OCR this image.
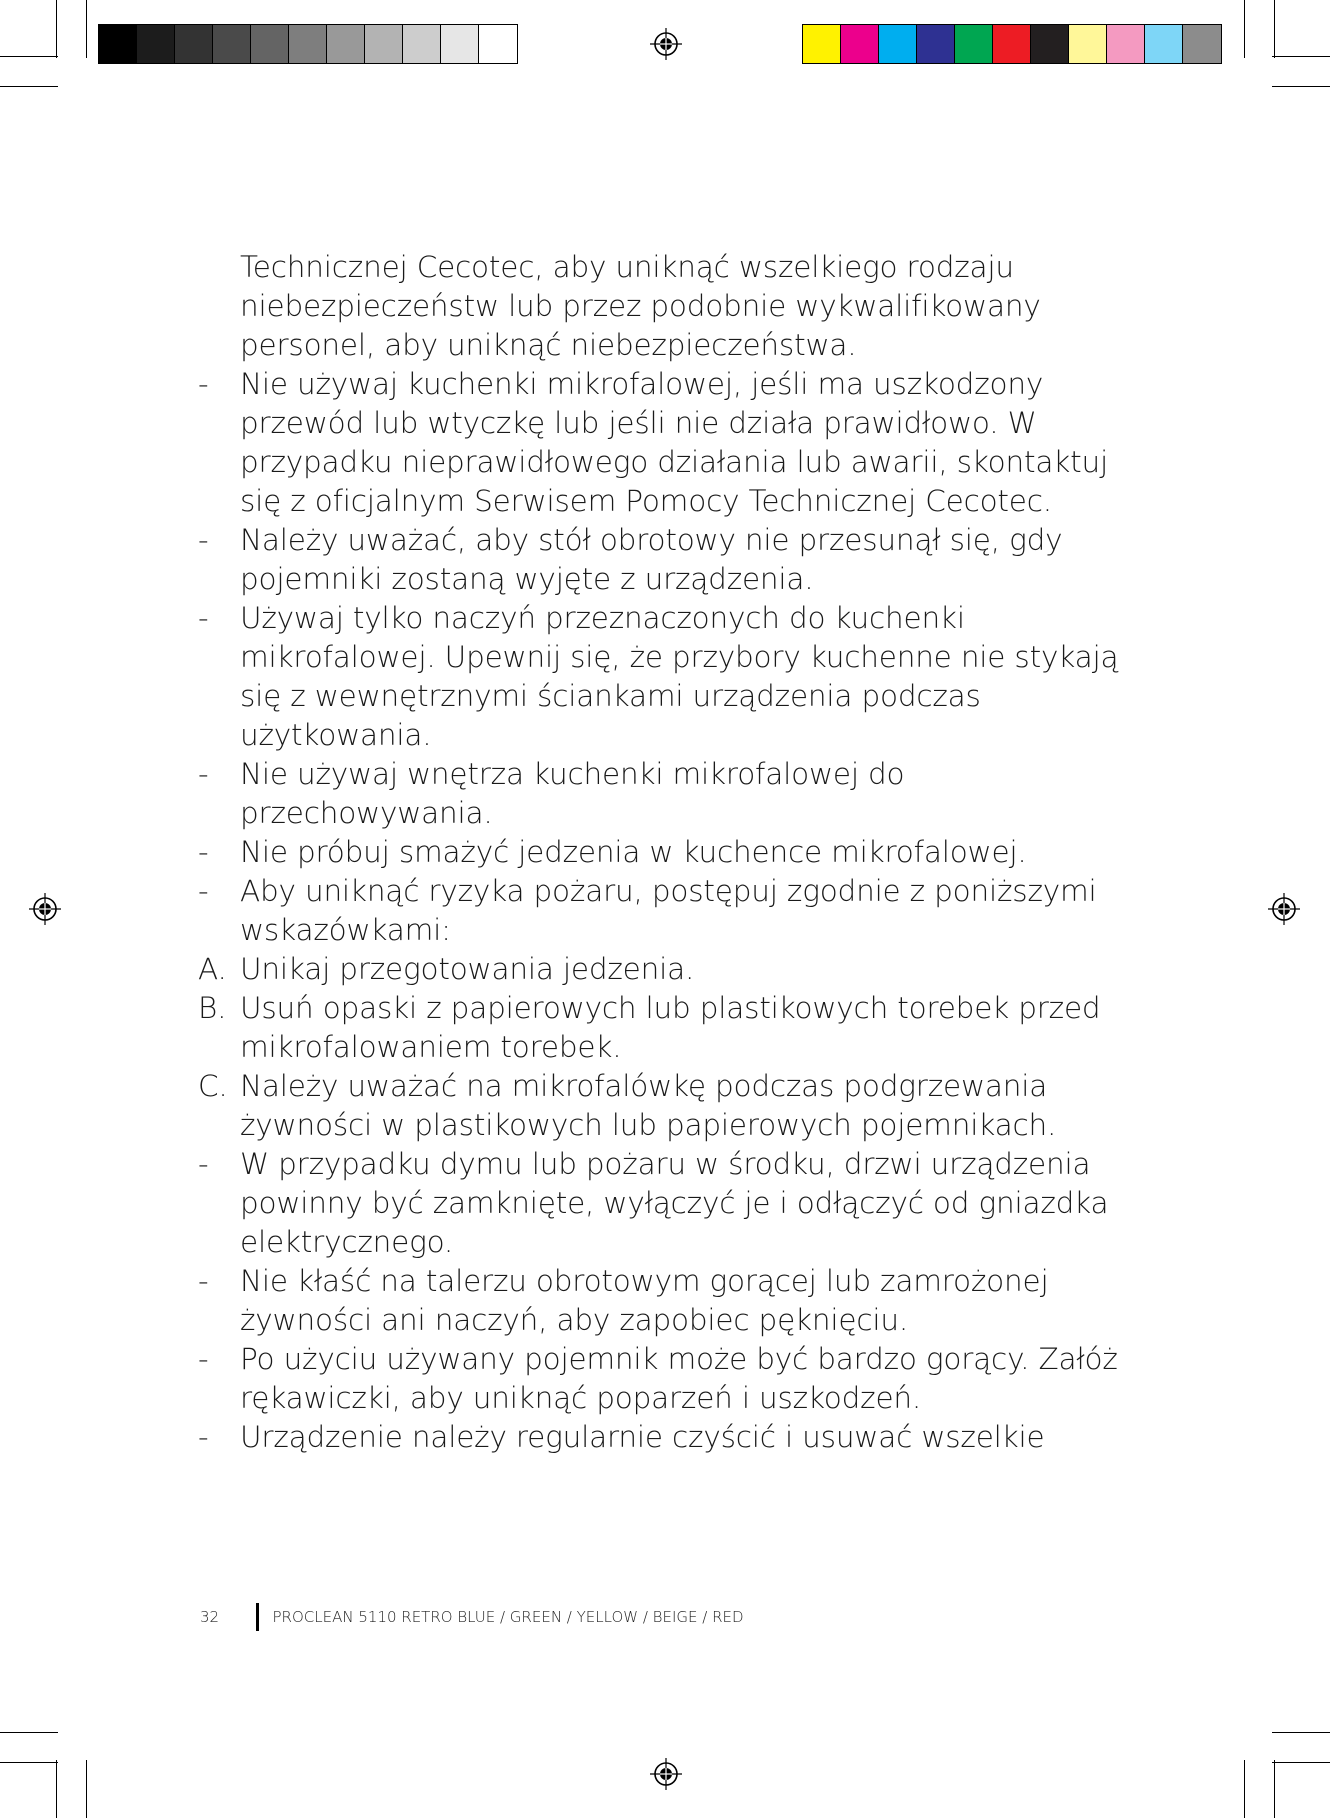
Technicznej Cecotec, aby uniknąć wszelkiego rodzaju niebezpieczeństw lub przez podobnie wykwalifikowany personel, aby uniknąć niebezpieczeństwa.

-	Nie używaj kuchenki mikrofalowej, jeśli ma uszkodzony przewód lub wtyczkę lub jeśli nie działa prawidłowo. W przypadku nieprawidłowego działania lub awarii, skontaktuj się z oficjalnym Serwisem Pomocy Technicznej Cecotec.

-	Należy uważać, aby stół obrotowy nie przesunął się, gdy pojemniki zostaną wyjęte z urządzenia.

-	Używaj tylko naczyń przeznaczonych do kuchenki mikrofalowej. Upewnij się, że przybory kuchenne nie stykają się z wewnętrznymi ściankami urządzenia podczas użytkowania.

-	Nie używaj wnętrza kuchenki mikrofalowej do przechowywania.

-	Nie próbuj smażyć jedzenia w kuchence mikrofalowej.

-	Aby uniknąć ryzyka pożaru, postępuj zgodnie z poniższymi wskazówkami:

A. Unikaj przegotowania jedzenia.

B. Usuń opaski z papierowych lub plastikowych torebek przed mikrofalowaniem torebek.

C. Należy uważać na mikrofalówkę podczas podgrzewania żywności w plastikowych lub papierowych pojemnikach.

-	W przypadku dymu lub pożaru w środku, drzwi urządzenia powinny być zamknięte, wyłączyć je i odłączyć od gniazdka elektrycznego.

-	Nie kłaść na talerzu obrotowym gorącej lub zamrożonej żywności ani naczyń, aby zapobiec pęknięciu.

-	Po użyciu używany pojemnik może być bardzo gorący. Załóż rękawiczki, aby uniknąć poparzeń i uszkodzeń.

-	Urządzenie należy regularnie czyścić i usuwać wszelkie

32	PROCLEAN 5110 RETRO BLUE / GREEN / YELLOW / BEIGE / RED
